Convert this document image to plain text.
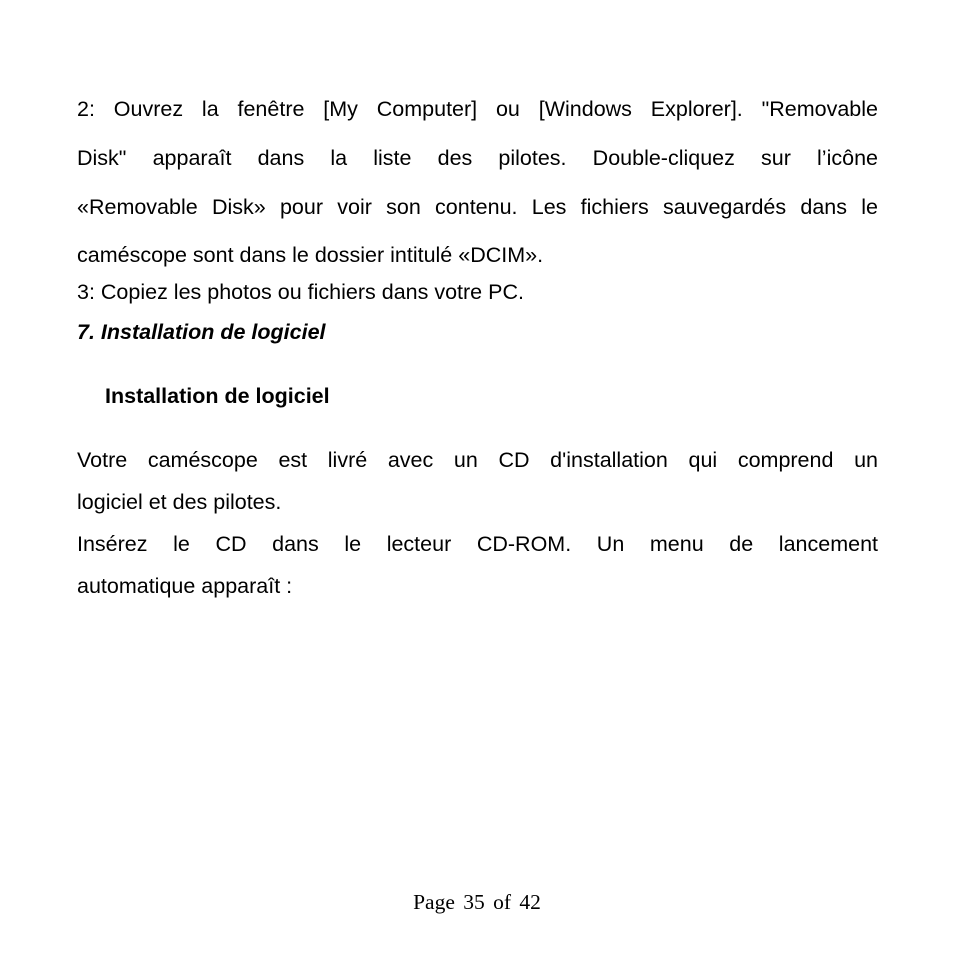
2: Ouvrez la fenêtre [My Computer] ou [Windows Explorer]. "Removable

Disk" apparaît dans la liste des pilotes. Double-cliquez sur l’icône

«Removable Disk» pour voir son contenu. Les fichiers sauvegardés dans le

caméscope sont dans le dossier intitulé «DCIM».

3: Copiez les photos ou fichiers dans votre PC.

7. Installation de logiciel

Installation de logiciel

Votre caméscope est livré avec un CD d'installation qui comprend un

logiciel et des pilotes.

Insérez le CD dans le lecteur CD-ROM. Un menu de lancement

automatique apparaît :

Page 35 of 42
